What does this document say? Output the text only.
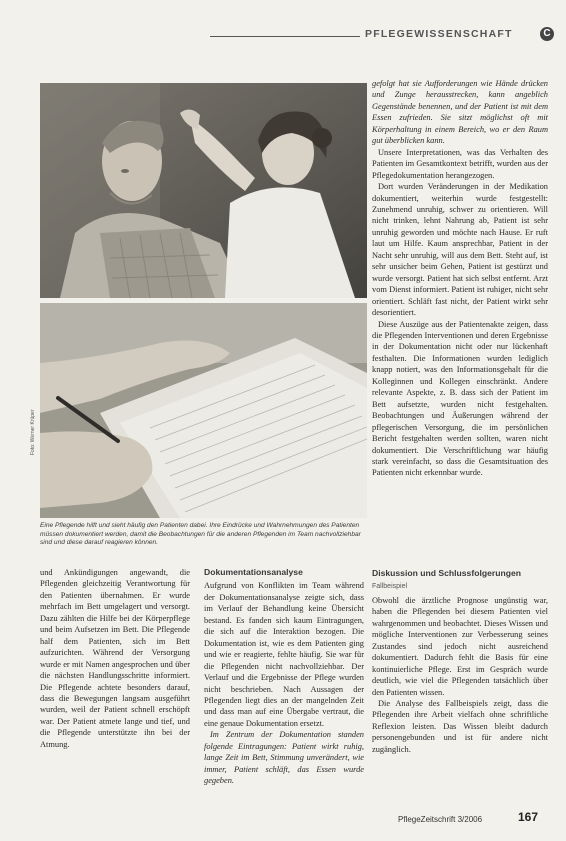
PFLEGEWISSENSCHAFT	C
Foto: Werner Krüper
Eine Pflegende hilft und sieht häufig den Patienten dabei. Ihre Eindrücke und Wahrnehmungen des Patienten müssen dokumentiert werden, damit die Beobachtungen für die anderen Pflegenden im Team nachvollziehbar sind und diese darauf reagieren können.

gefolgt hat sie Aufforderungen wie Hände drücken und Zunge herausstrecken, kann angeblich Gegenstände benennen, und der Patient ist mit dem Essen zufrieden. Sie sitzt möglichst oft mit Körperhaltung in einem Bereich, wo er den Raum gut überblicken kann.

Unsere Interpretationen, was das Verhalten des Patienten im Gesamtkontext betrifft, wurden aus der Pflegedokumentation herangezogen.

Dort wurden Veränderungen in der Medikation dokumentiert, weiterhin wurde festgestellt: Zunehmend unruhig, schwer zu orientieren. Will nicht trinken, lehnt Nahrung ab, Patient ist sehr unruhig geworden und möchte nach Hause. Er ruft laut um Hilfe. Kaum ansprechbar, Patient in der Nacht sehr unruhig, will aus dem Bett. Steht auf, ist sehr unsicher beim Gehen, Patient ist gestürzt und wurde versorgt. Patient hat sich selbst entfernt. Arzt vom Dienst informiert. Patient ist ruhiger, nicht sehr orientiert. Schläft fast nicht, der Patient wirkt sehr desorientiert.

Diese Auszüge aus der Patientenakte zeigen, dass die Pflegenden Interventionen und deren Ergebnisse in der Dokumentation nicht oder nur lückenhaft festhalten. Die Informationen wurden lediglich knapp notiert, was den Informationsgehalt für die Kolleginnen und Kollegen einschränkt. Andere relevante Aspekte, z. B. dass sich der Patient im Bett aufsetzte, wurden nicht festgehalten. Beobachtungen und Äußerungen während der pflegerischen Versorgung, die im persönlichen Bericht festgehalten werden sollten, waren nicht dokumentiert. Die Verschriftlichung war häufig stark vereinfacht, so dass die Gesamtsituation des Patienten nicht erkennbar wurde.

und Ankündigungen angewandt, die Pflegenden gleichzeitig Verantwortung für den Patienten übernahmen. Er wurde mehrfach im Bett umgelagert und versorgt. Dazu zählten die Hilfe bei der Körperpflege und beim Aufsetzen im Bett. Die Pflegende half dem Patienten, sich im Bett aufzurichten. Während der Versorgung wurde er mit Namen angesprochen und über die nächsten Handlungsschritte informiert. Die Pflegende achtete besonders darauf, dass die Bewegungen langsam ausgeführt wurden, weil der Patient schnell erschöpft war. Der Patient atmete lange und tief, und die Pflegende unterstützte ihn bei der Atmung.

Dokumentationsanalyse

Aufgrund von Konflikten im Team während der Dokumentationsanalyse zeigte sich, dass im Verlauf der Behandlung keine Übersicht bestand. Es fanden sich kaum Eintragungen, die sich auf die Interaktion bezogen. Die Dokumentation ist, wie es dem Patienten ging und wie er reagierte, fehlte häufig. Sie war für die Pflegenden nicht nachvollziehbar. Der Verlauf und die Ergebnisse der Pflege wurden nicht beschrieben. Nach Aussagen der Pflegenden liegt dies an der mangelnden Zeit und dass man auf eine Übergabe vertraut, die eine genaue Dokumentation ersetzt.

Im Zentrum der Dokumentation standen folgende Eintragungen: Patient wirkt ruhig, lange Zeit im Bett, Stimmung unverändert, wie immer, Patient schläft, das Essen wurde gegeben.

Diskussion und Schlussfolgerungen
Fallbeispiel

Obwohl die ärztliche Prognose ungünstig war, haben die Pflegenden bei diesem Patienten viel wahrgenommen und beobachtet. Dieses Wissen und mögliche Interventionen zur Verbesserung seines Zustandes sind jedoch nicht ausreichend dokumentiert. Dadurch fehlt die Basis für eine kontinuierliche Pflege. Erst im Gespräch wurde deutlich, wie viel die Pflegenden tatsächlich über den Patienten wissen.

Die Analyse des Fallbeispiels zeigt, dass die Pflegenden ihre Arbeit vielfach ohne schriftliche Reflexion leisten. Das Wissen bleibt dadurch personengebunden und ist für andere nicht zugänglich.

PflegeZeitschrift 3/2006	167
